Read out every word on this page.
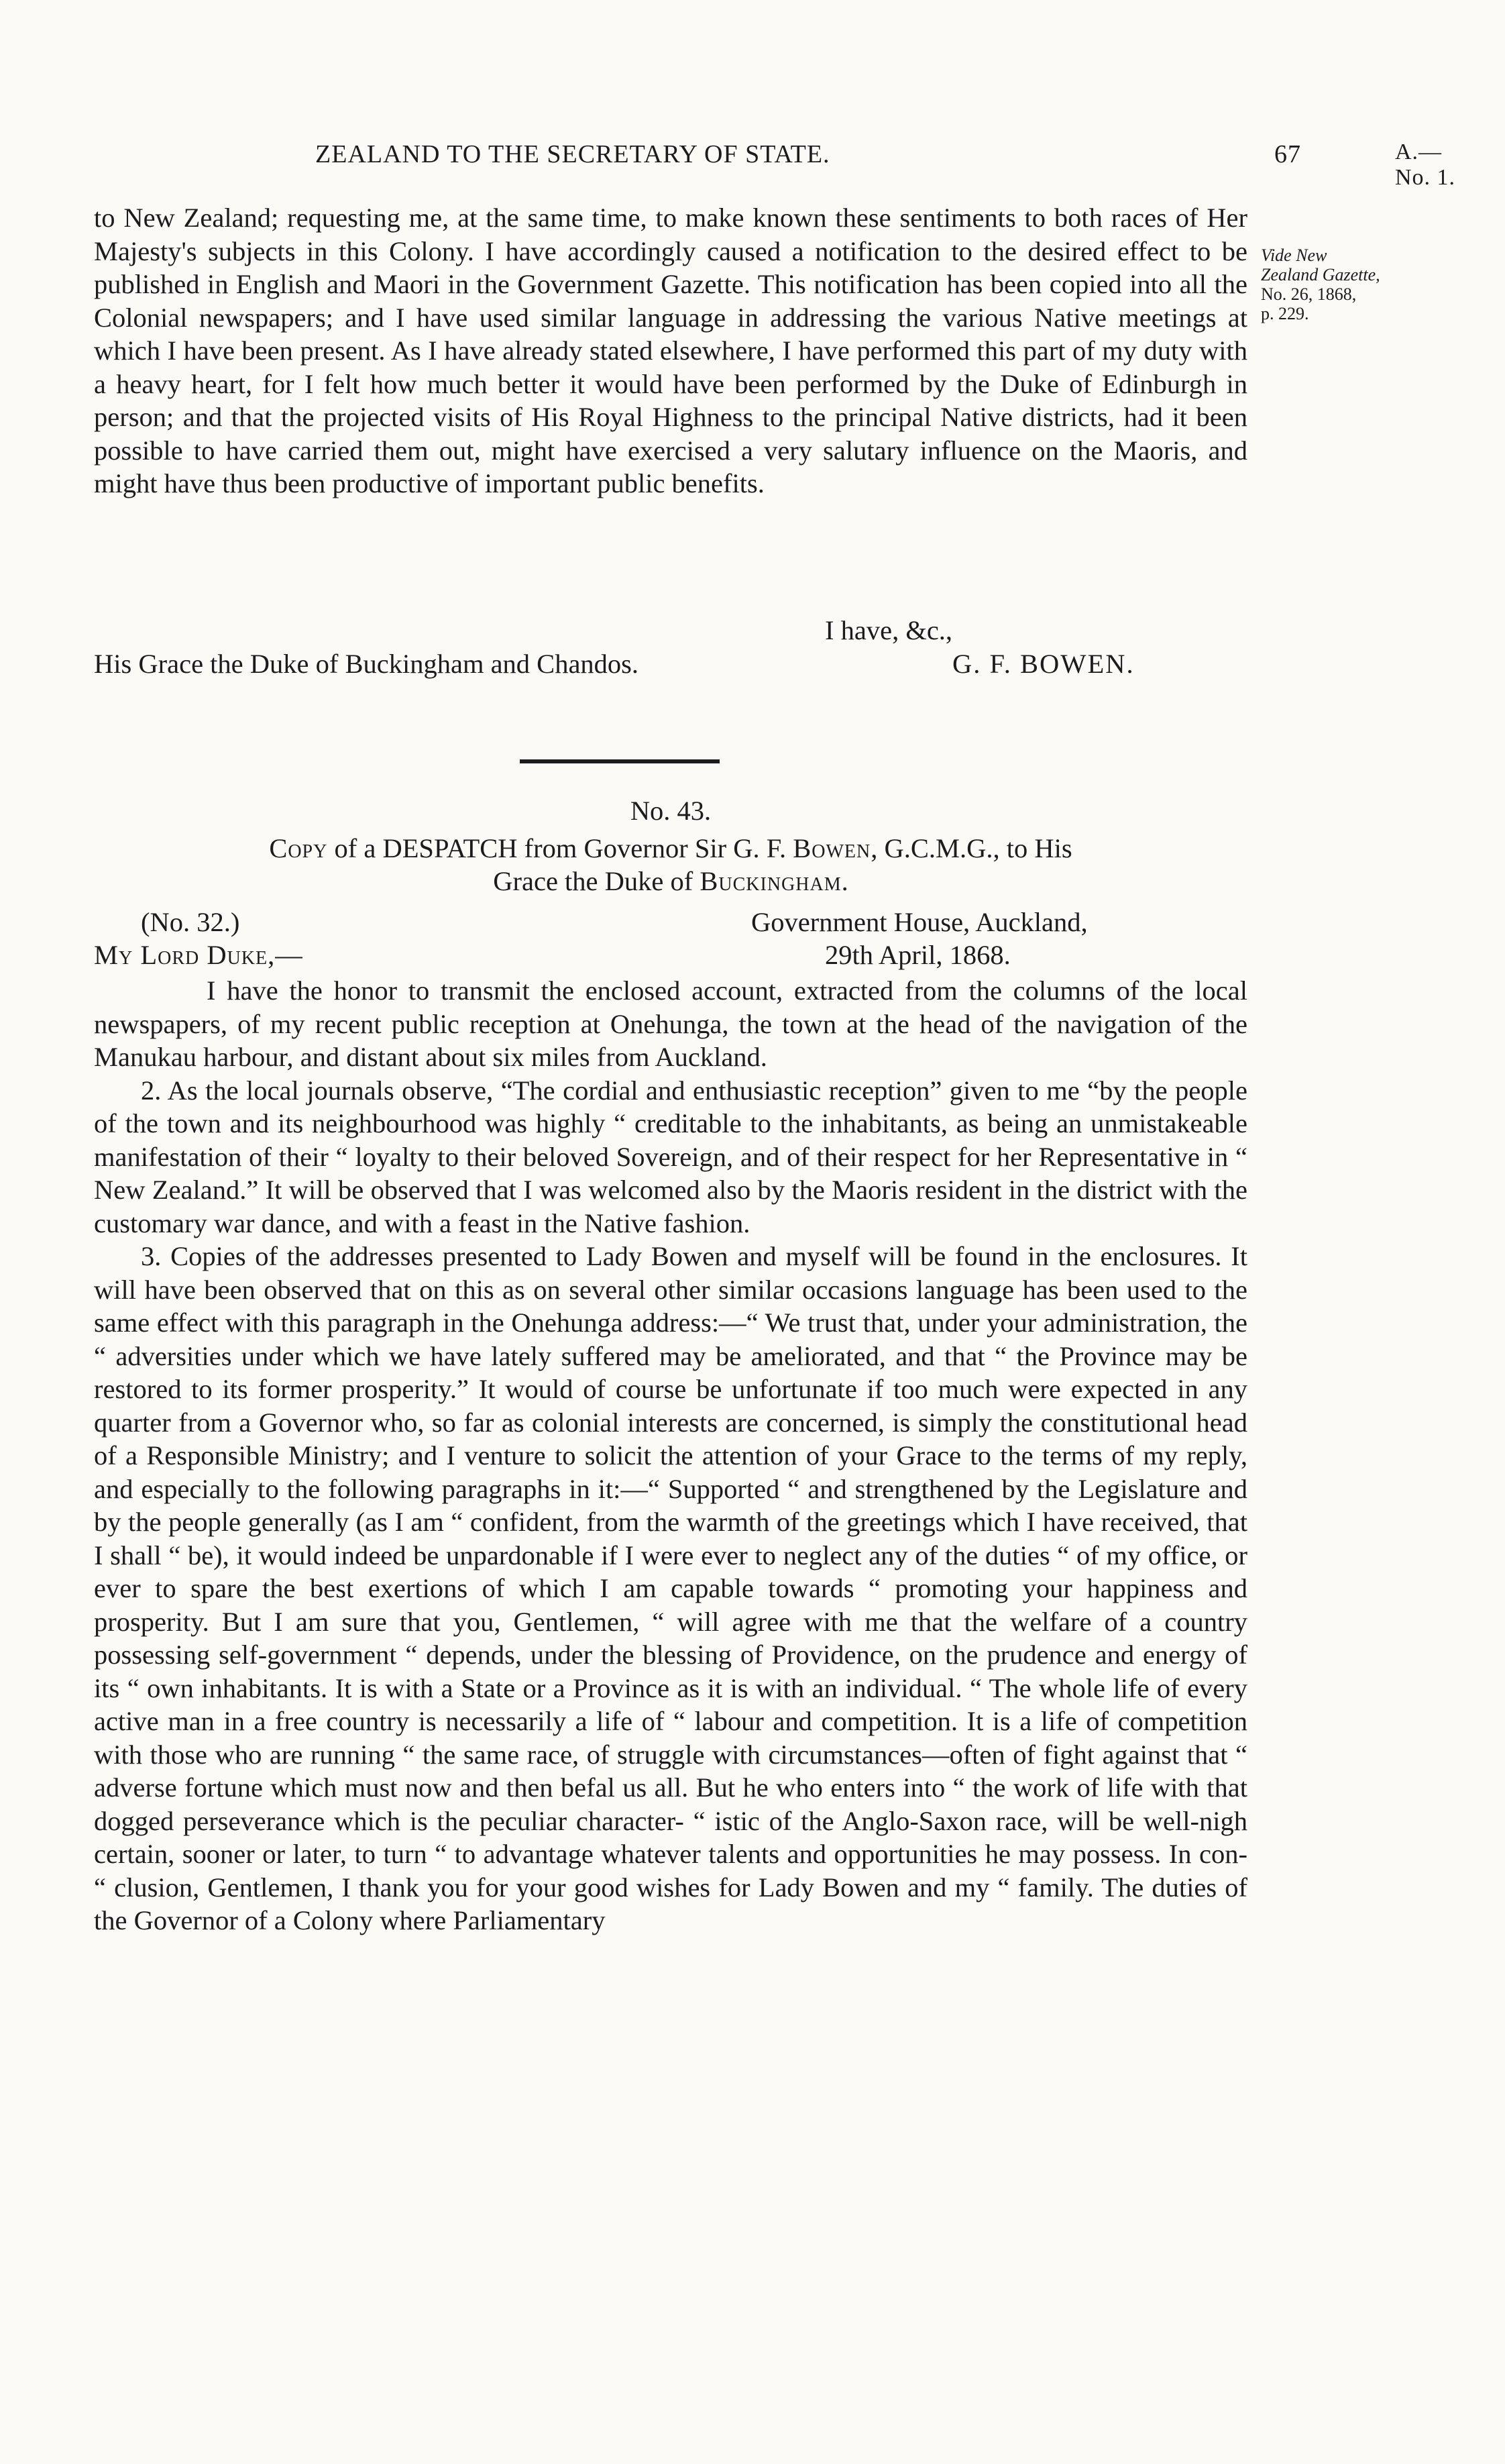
ZEALAND TO THE SECRETARY OF STATE.	67	A.—No. 1.
Vide New
Zealand Gazette,
No. 26, 1868,
p. 229.

to New Zealand; requesting me, at the same time, to make known these sentiments to both races of Her Majesty's subjects in this Colony. I have accordingly caused a notification to the desired effect to be published in English and Maori in the Government Gazette. This notification has been copied into all the Colonial newspapers; and I have used similar language in addressing the various Native meetings at which I have been present. As I have already stated elsewhere, I have performed this part of my duty with a heavy heart, for I felt how much better it would have been performed by the Duke of Edinburgh in person; and that the projected visits of His Royal Highness to the principal Native districts, had it been possible to have carried them out, might have exercised a very salutary influence on the Maoris, and might have thus been productive of important public benefits.

I have, &c.,
His Grace the Duke of Buckingham and Chandos.	G. F. BOWEN.
No. 43.
Copy of a DESPATCH from Governor Sir G. F. Bowen, G.C.M.G., to His
Grace the Duke of Buckingham.
(No. 32.)	Government House, Auckland,
My Lord Duke,—	29th April, 1868.

I have the honor to transmit the enclosed account, extracted from the columns of the local newspapers, of my recent public reception at Onehunga, the town at the head of the navigation of the Manukau harbour, and distant about six miles from Auckland.

2. As the local journals observe, “The cordial and enthusiastic reception” given to me “by the people of the town and its neighbourhood was highly “ creditable to the inhabitants, as being an unmistakeable manifestation of their “ loyalty to their beloved Sovereign, and of their respect for her Representative in “ New Zealand.” It will be observed that I was welcomed also by the Maoris resident in the district with the customary war dance, and with a feast in the Native fashion.

3. Copies of the addresses presented to Lady Bowen and myself will be found in the enclosures. It will have been observed that on this as on several other similar occasions language has been used to the same effect with this paragraph in the Onehunga address:—“ We trust that, under your administration, the “ adversities under which we have lately suffered may be ameliorated, and that “ the Province may be restored to its former prosperity.” It would of course be unfortunate if too much were expected in any quarter from a Governor who, so far as colonial interests are concerned, is simply the constitutional head of a Responsible Ministry; and I venture to solicit the attention of your Grace to the terms of my reply, and especially to the following paragraphs in it:—“ Supported “ and strengthened by the Legislature and by the people generally (as I am “ confident, from the warmth of the greetings which I have received, that I shall “ be), it would indeed be unpardonable if I were ever to neglect any of the duties “ of my office, or ever to spare the best exertions of which I am capable towards “ promoting your happiness and prosperity. But I am sure that you, Gentlemen, “ will agree with me that the welfare of a country possessing self-government “ depends, under the blessing of Providence, on the prudence and energy of its “ own inhabitants. It is with a State or a Province as it is with an individual. “ The whole life of every active man in a free country is necessarily a life of “ labour and competition. It is a life of competition with those who are running “ the same race, of struggle with circumstances—often of fight against that “ adverse fortune which must now and then befal us all. But he who enters into “ the work of life with that dogged perseverance which is the peculiar character- “ istic of the Anglo-Saxon race, will be well-nigh certain, sooner or later, to turn “ to advantage whatever talents and opportunities he may possess. In con- “ clusion, Gentlemen, I thank you for your good wishes for Lady Bowen and my “ family. The duties of the Governor of a Colony where Parliamentary
